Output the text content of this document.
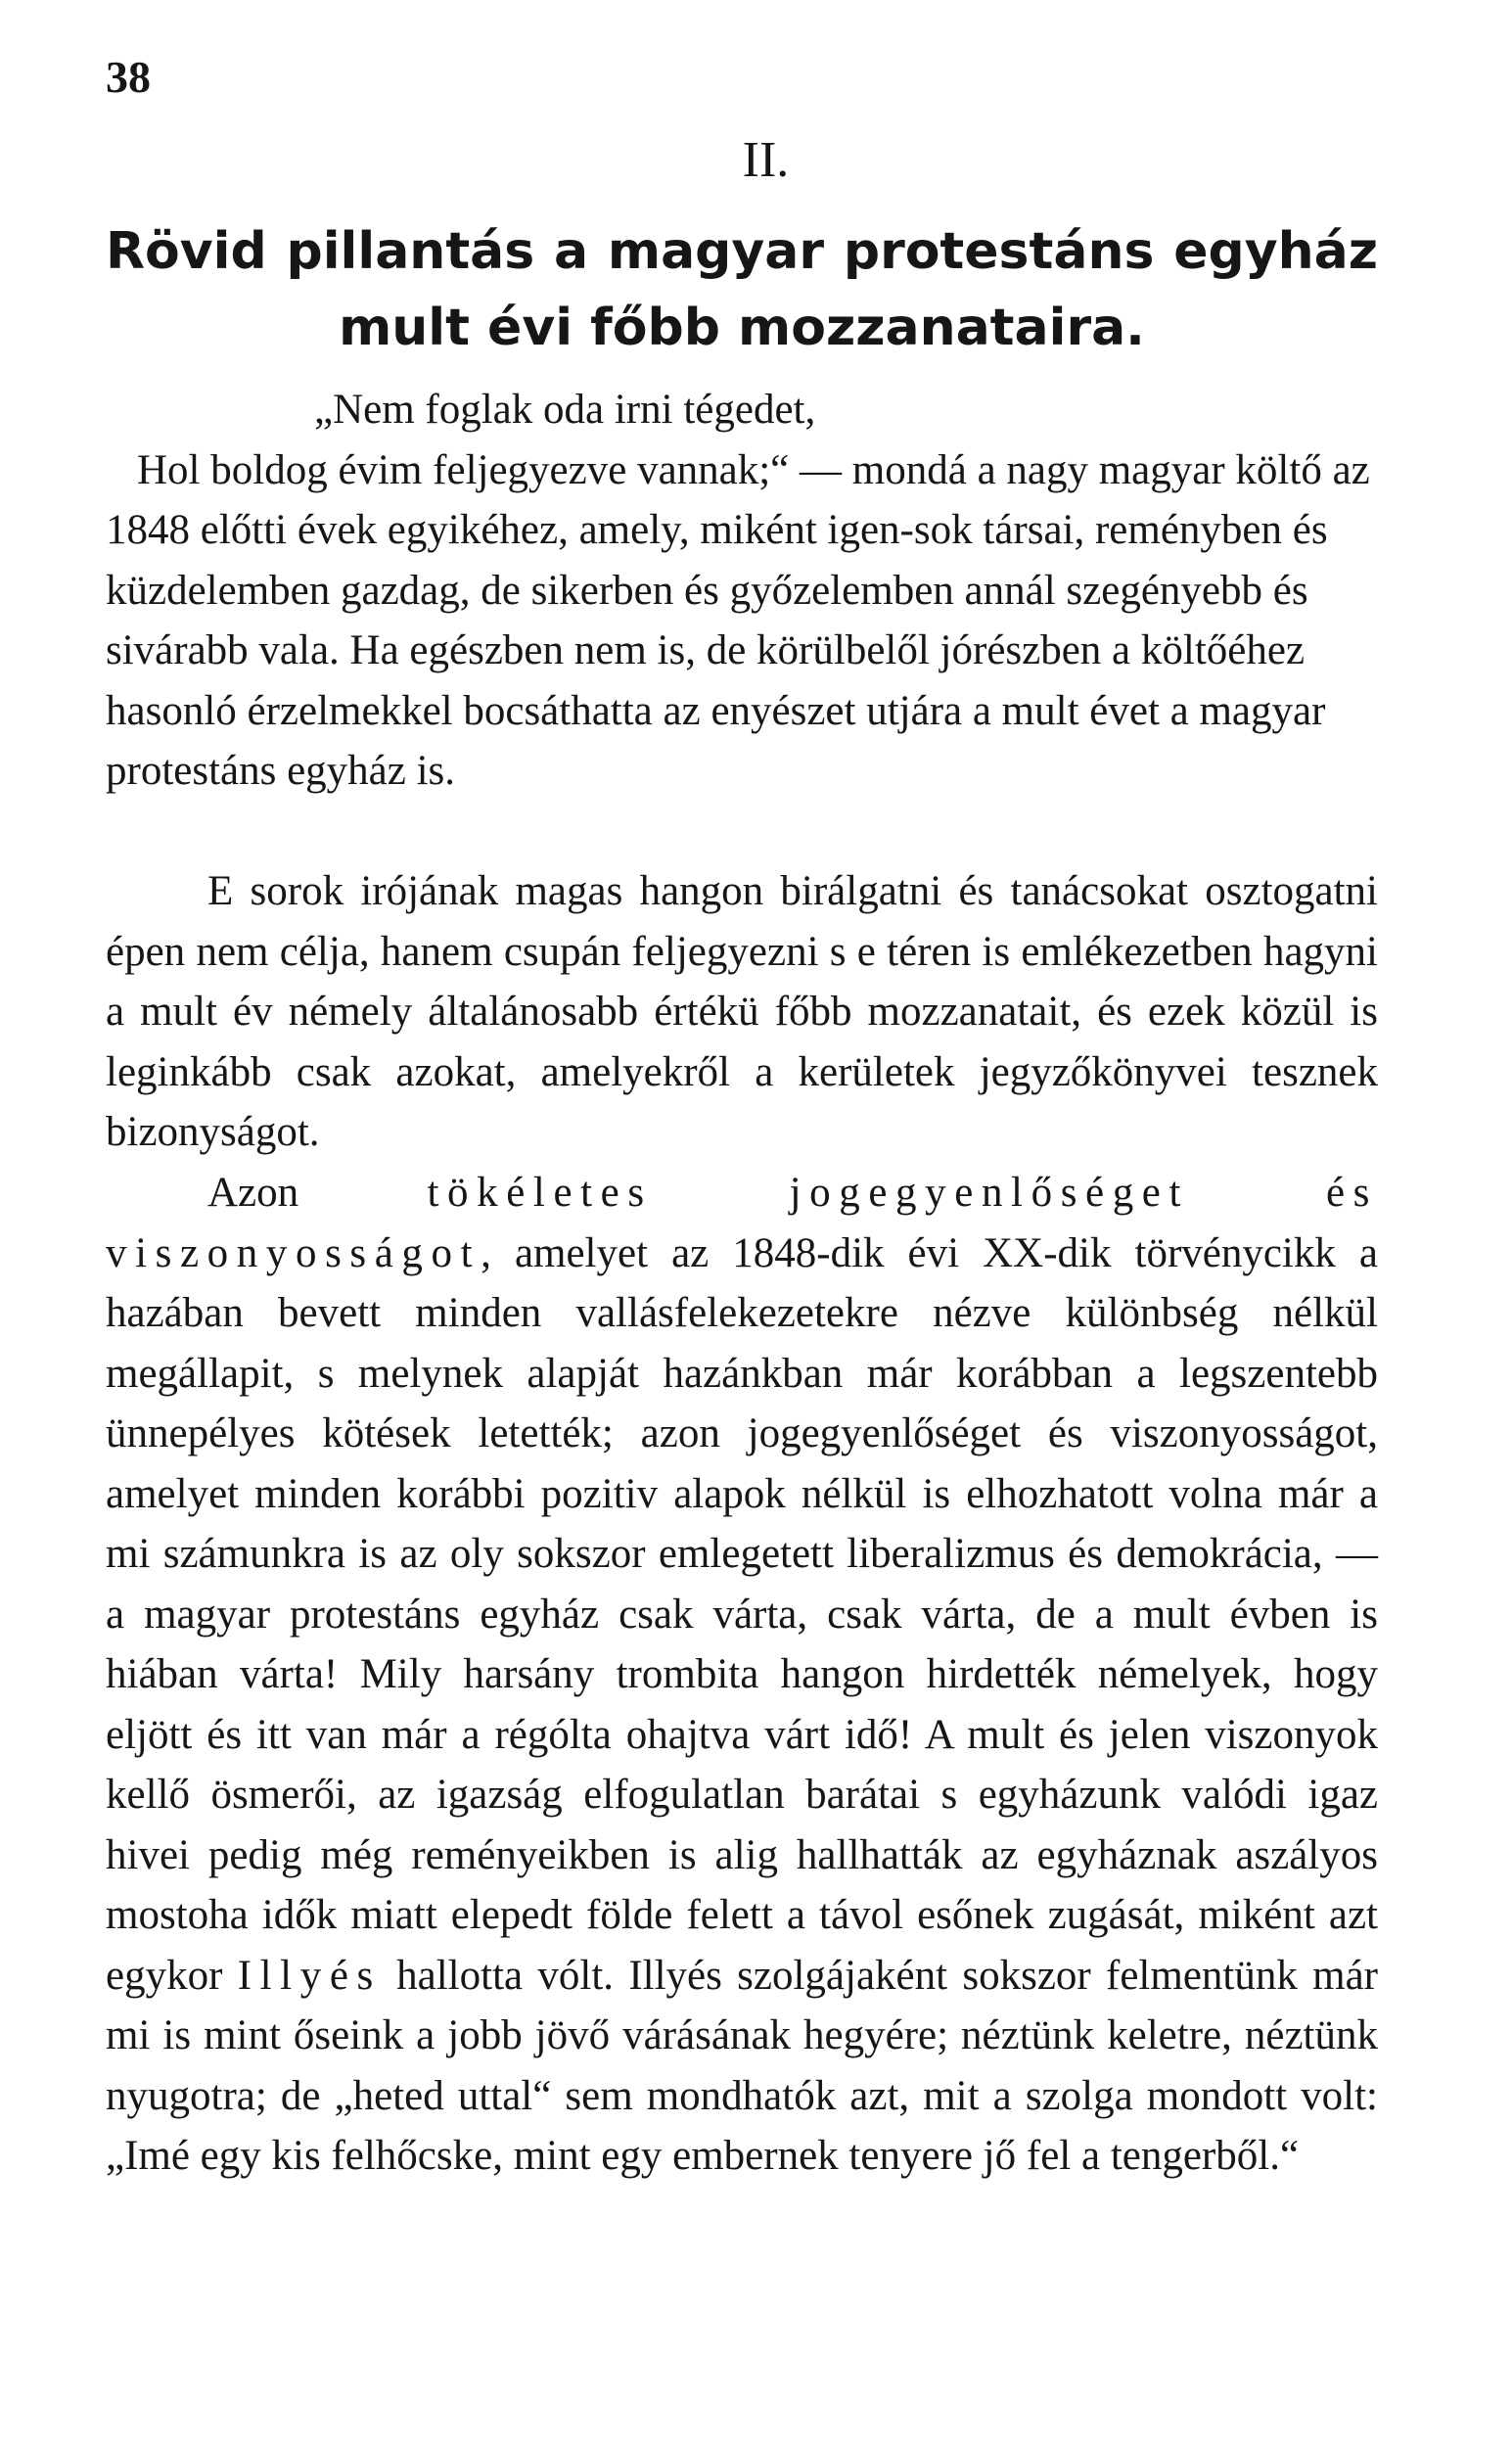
38
II.
Rövid pillantás a magyar protestáns egyház
mult évi főbb mozzanataira.
„Nem foglak oda irni tégedet,
Hol boldog évim feljegyezve vannak;“ — mondá a nagy magyar költő az 1848 előtti évek egyikéhez, amely, miként igen-sok társai, reményben és küzdelemben gazdag, de sikerben és győzelemben annál szegényebb és sivárabb vala. Ha egészben nem is, de körülbelől jórészben a költőéhez hasonló érzelmekkel bocsáthatta az enyészet utjára a mult évet a magyar protestáns egyház is.

E sorok irójának magas hangon birálgatni és tanácsokat osztogatni épen nem célja, hanem csupán feljegyezni s e téren is emlékezetben hagyni a mult év némely általánosabb értékü főbb mozzanatait, és ezek közül is leginkább csak azokat, amelyekről a kerületek jegyzőkönyvei tesznek bizonyságot.

Azon tökéletes jogegyenlőséget és viszonyosságot, amelyet az 1848-dik évi XX-dik törvénycikk a hazában bevett minden vallásfelekezetekre nézve különbség nélkül megállapit, s melynek alapját hazánkban már korábban a legszentebb ünnepélyes kötések letették; azon jogegyenlőséget és viszonyosságot, amelyet minden korábbi pozitiv alapok nélkül is elhozhatott volna már a mi számunkra is az oly sokszor emlegetett liberalizmus és demokrácia, — a magyar protestáns egyház csak várta, csak várta, de a mult évben is hiában várta! Mily harsány trombita hangon hirdették némelyek, hogy eljött és itt van már a régólta ohajtva várt idő! A mult és jelen viszonyok kellő ösmerői, az igazság elfogulatlan barátai s egyházunk valódi igaz hivei pedig még reményeikben is alig hallhatták az egyháznak aszályos mostoha idők miatt elepedt földe felett a távol esőnek zugását, miként azt egykor Illyés hallotta vólt. Illyés szolgájaként sokszor felmentünk már mi is mint őseink a jobb jövő várásának hegyére; néztünk keletre, néztünk nyugotra; de „heted uttal“ sem mondhatók azt, mit a szolga mondott volt: „Imé egy kis felhőcske, mint egy embernek tenyere jő fel a tengerből.“
